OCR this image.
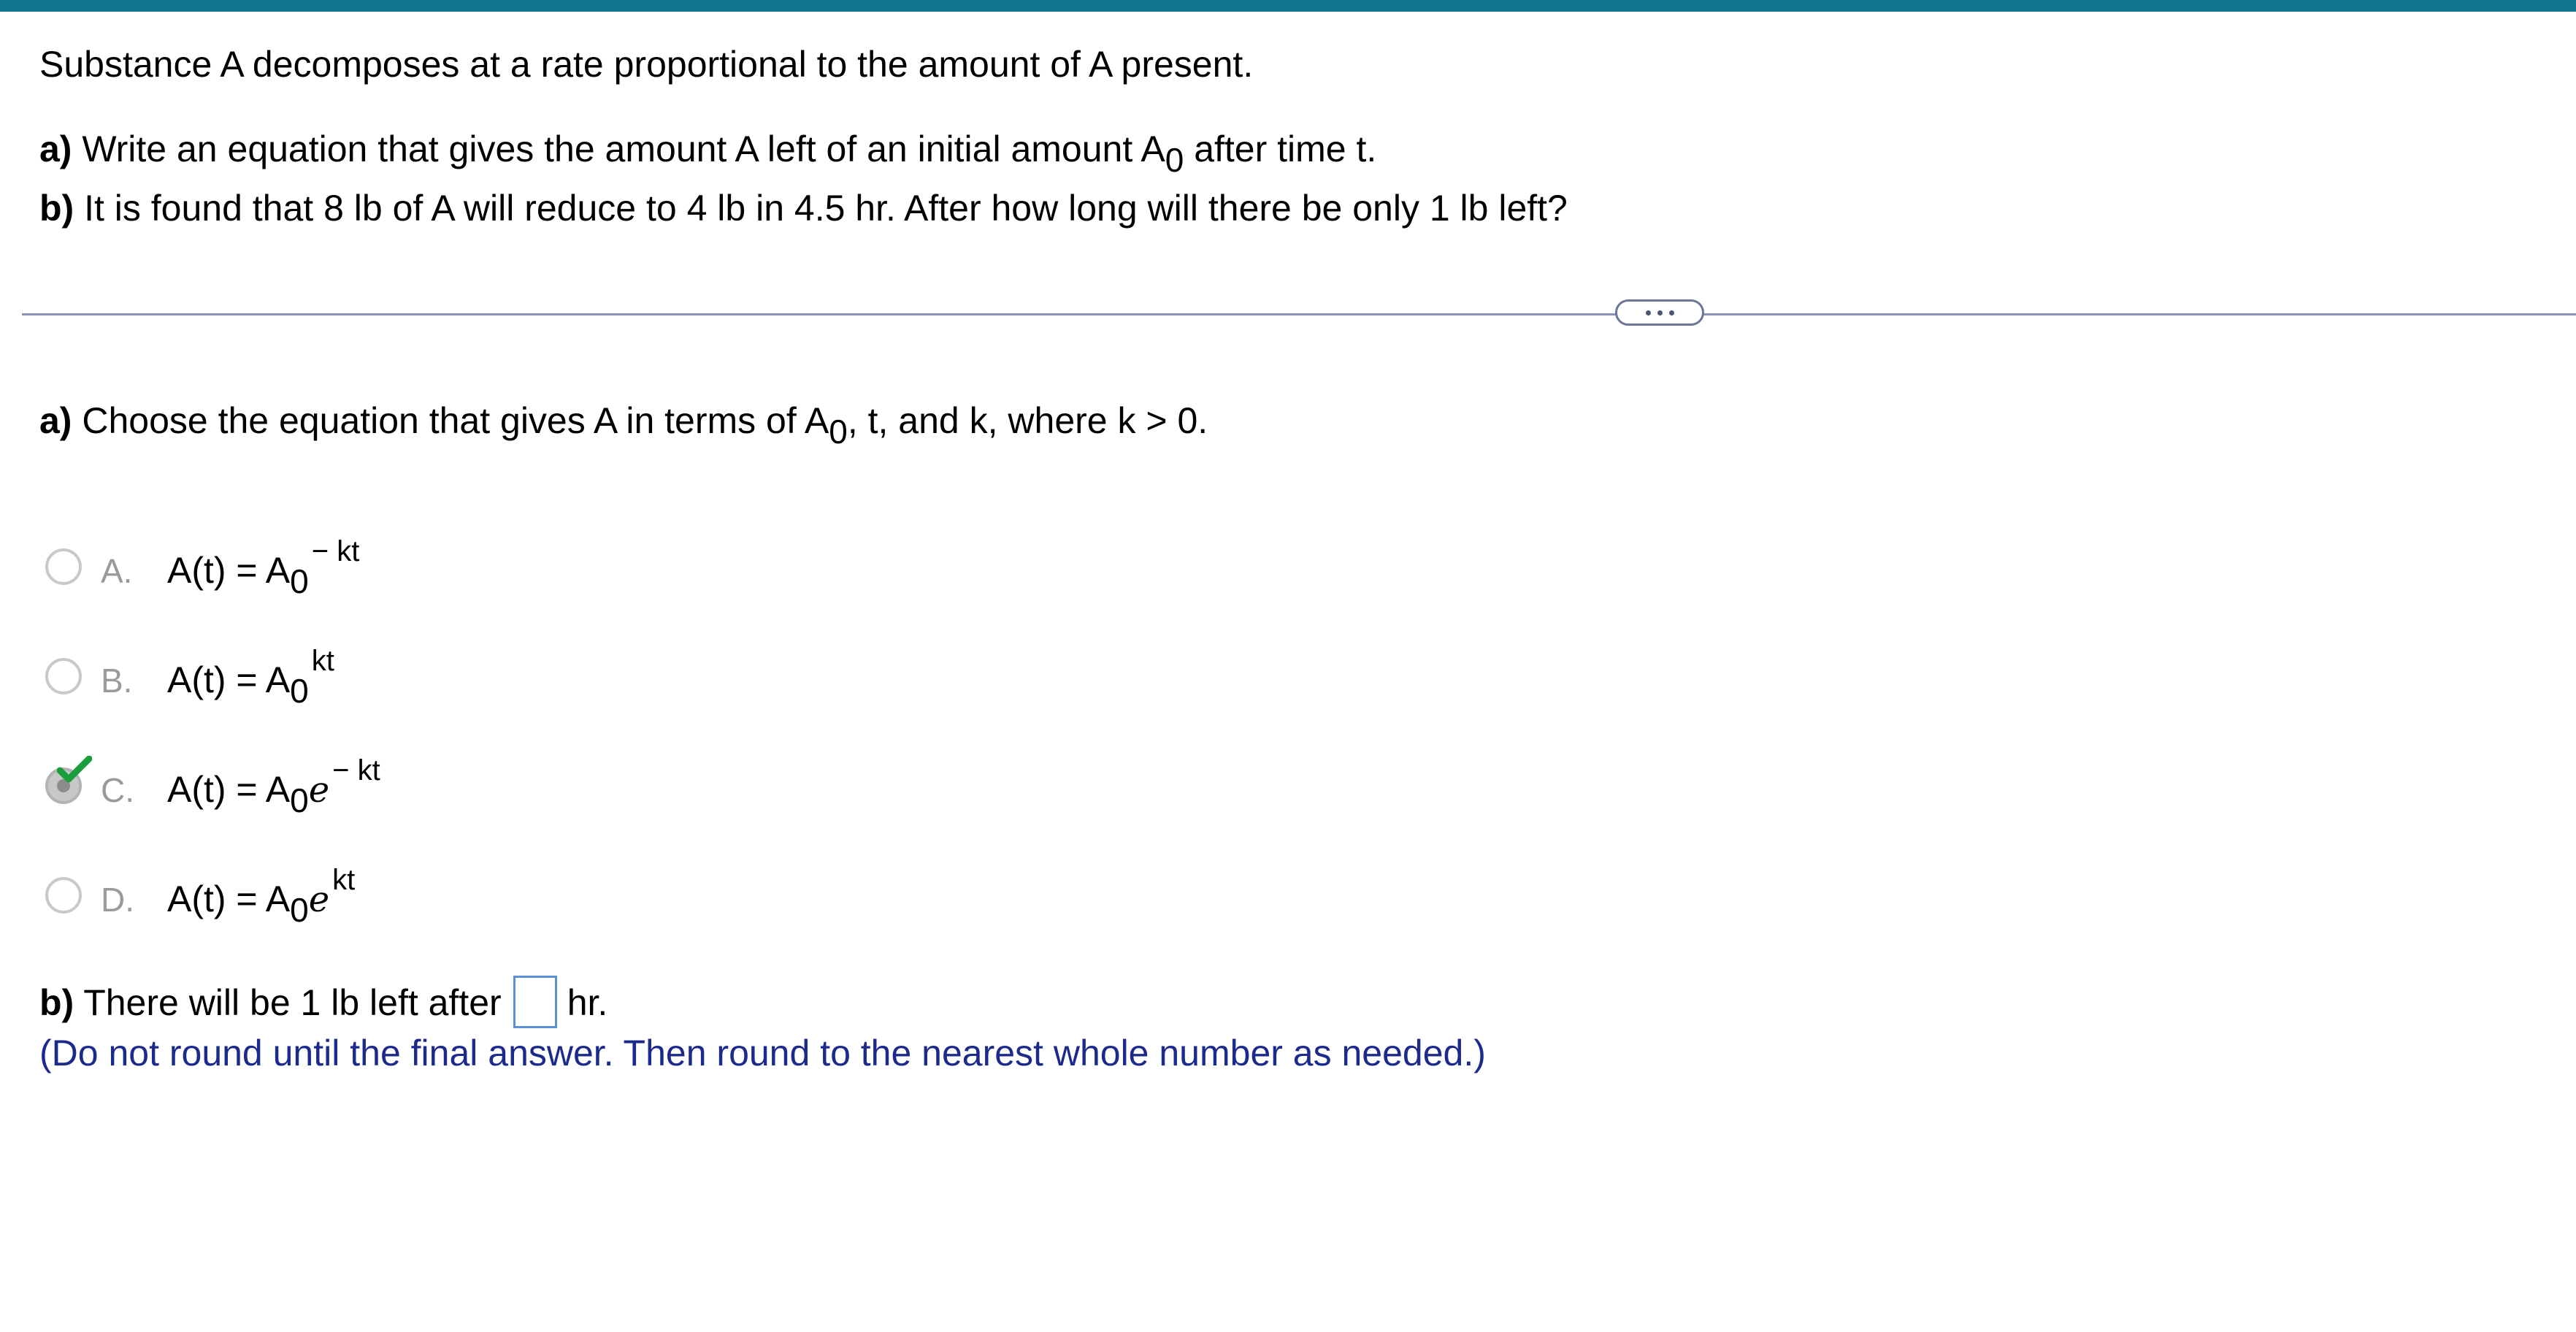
Substance A decomposes at a rate proportional to the amount of A present.
a) Write an equation that gives the amount A left of an initial amount $A_0$ after time t.
b) It is found that 8 lb of A will reduce to 4 lb in 4.5 hr. After how long will there be only 1 lb left?
a) Choose the equation that gives A in terms of $A_0$, t, and k, where k > 0.
A. $A(t) = A_0^{- kt}$
B. $A(t) = A_0^{kt}$
C. $A(t) = A_0e$ $^{- kt}$
D. $A(t) = A_0e$ $^{kt}$
b) There will be 1 lb left after hr.
(Do not round until the final answer. Then round to the nearest whole number as needed.)
